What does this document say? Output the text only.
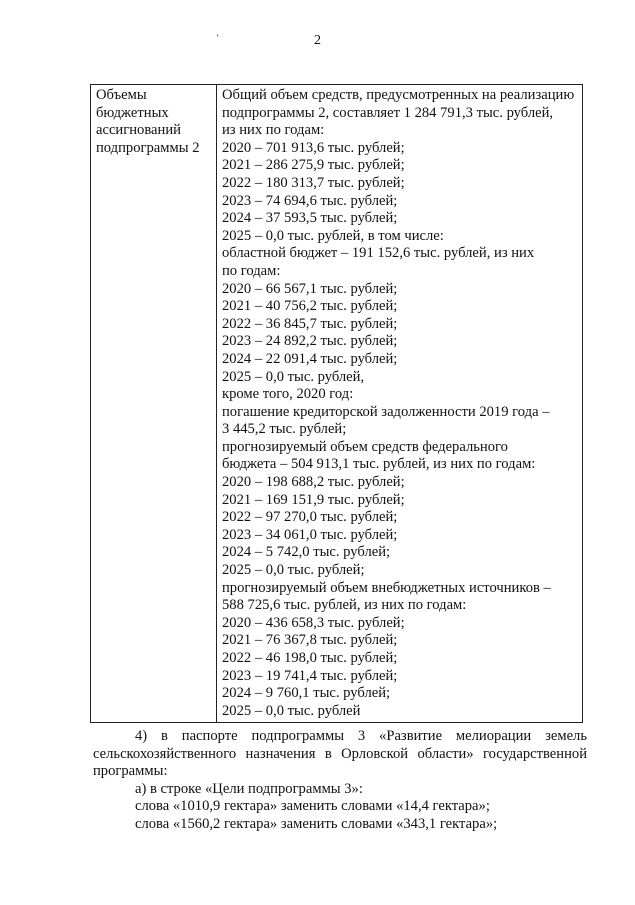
2
‘
Объемы
бюджетных
ассигнований
подпрограммы 2

Общий объем средств, предусмотренных на реализацию
подпрограммы 2, составляет 1 284 791,3 тыс. рублей,
из них по годам:
2020 – 701 913,6 тыс. рублей;
2021 – 286 275,9 тыс. рублей;
2022 – 180 313,7 тыс. рублей;
2023 – 74 694,6 тыс. рублей;
2024 – 37 593,5 тыс. рублей;
2025 – 0,0 тыс. рублей, в том числе:
областной бюджет – 191 152,6 тыс. рублей, из них
по годам:
2020 – 66 567,1 тыс. рублей;
2021 – 40 756,2 тыс. рублей;
2022 – 36 845,7 тыс. рублей;
2023 – 24 892,2 тыс. рублей;
2024 – 22 091,4 тыс. рублей;
2025 – 0,0 тыс. рублей,
кроме того, 2020 год:
погашение кредиторской задолженности 2019 года –
3 445,2 тыс. рублей;
прогнозируемый объем средств федерального
бюджета – 504 913,1 тыс. рублей, из них по годам:
2020 – 198 688,2 тыс. рублей;
2021 – 169 151,9 тыс. рублей;
2022 – 97 270,0 тыс. рублей;
2023 – 34 061,0 тыс. рублей;
2024 – 5 742,0 тыс. рублей;
2025 – 0,0 тыс. рублей;
прогнозируемый объем внебюджетных источников –
588 725,6 тыс. рублей, из них по годам:
2020 – 436 658,3 тыс. рублей;
2021 – 76 367,8 тыс. рублей;
2022 – 46 198,0 тыс. рублей;
2023 – 19 741,4 тыс. рублей;
2024 – 9 760,1 тыс. рублей;
2025 – 0,0 тыс. рублей

4) в паспорте подпрограммы 3 «Развитие мелиорации земель сельскохозяйственного назначения в Орловской области» государственной программы:

а) в строке «Цели подпрограммы 3»:

слова «1010,9 гектара» заменить словами «14,4 гектара»;

слова «1560,2 гектара» заменить словами «343,1 гектара»;
